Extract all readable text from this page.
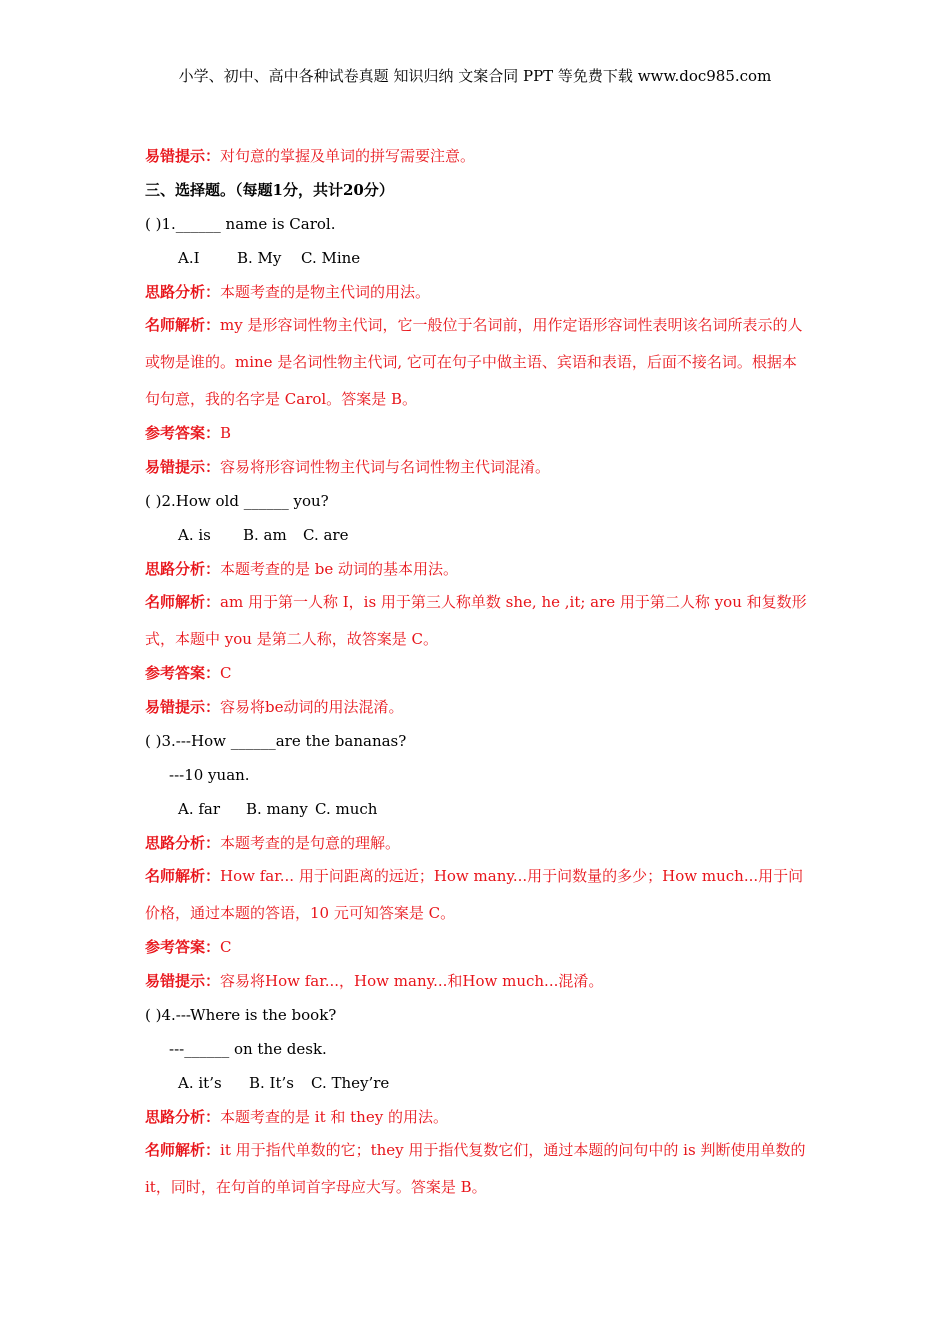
小学、初中、高中各种试卷真题 知识归纳 文案合同 PPT 等免费下载 www.doc985.com
易错提示：对句意的掌握及单词的拼写需要注意。
三、选择题。（每题1分，共计20分）
( )1.______ name is Carol.
A.I B. My C. Mine
思路分析：本题考查的是物主代词的用法。
名师解析：my 是形容词性物主代词，它一般位于名词前，用作定语形容词性表明该名词所表示的人或物是谁的。mine 是名词性物主代词, 它可在句子中做主语、宾语和表语，后面不接名词。根据本句句意，我的名字是 Carol。答案是 B。
参考答案：B
易错提示：容易将形容词性物主代词与名词性物主代词混淆。
( )2.How old ______ you?
A. is B. am C. are
思路分析：本题考查的是 be 动词的基本用法。
名师解析：am 用于第一人称 I，is 用于第三人称单数 she, he ,it; are 用于第二人称 you 和复数形式，本题中 you 是第二人称，故答案是 C。
参考答案：C
易错提示：容易将be动词的用法混淆。
( )3.---How ______are the bananas?
---10 yuan.
A. far B. many C. much
思路分析：本题考查的是句意的理解。
名师解析：How far... 用于问距离的远近；How many...用于问数量的多少；How much...用于问价格，通过本题的答语，10 元可知答案是 C。
参考答案：C
易错提示：容易将How far...，How many...和How much...混淆。
( )4.---Where is the book?
---______ on the desk.
A. it’s B. It’s C. They’re
思路分析：本题考查的是 it 和 they 的用法。
名师解析：it 用于指代单数的它；they 用于指代复数它们，通过本题的问句中的 is 判断使用单数的 it，同时，在句首的单词首字母应大写。答案是 B。
